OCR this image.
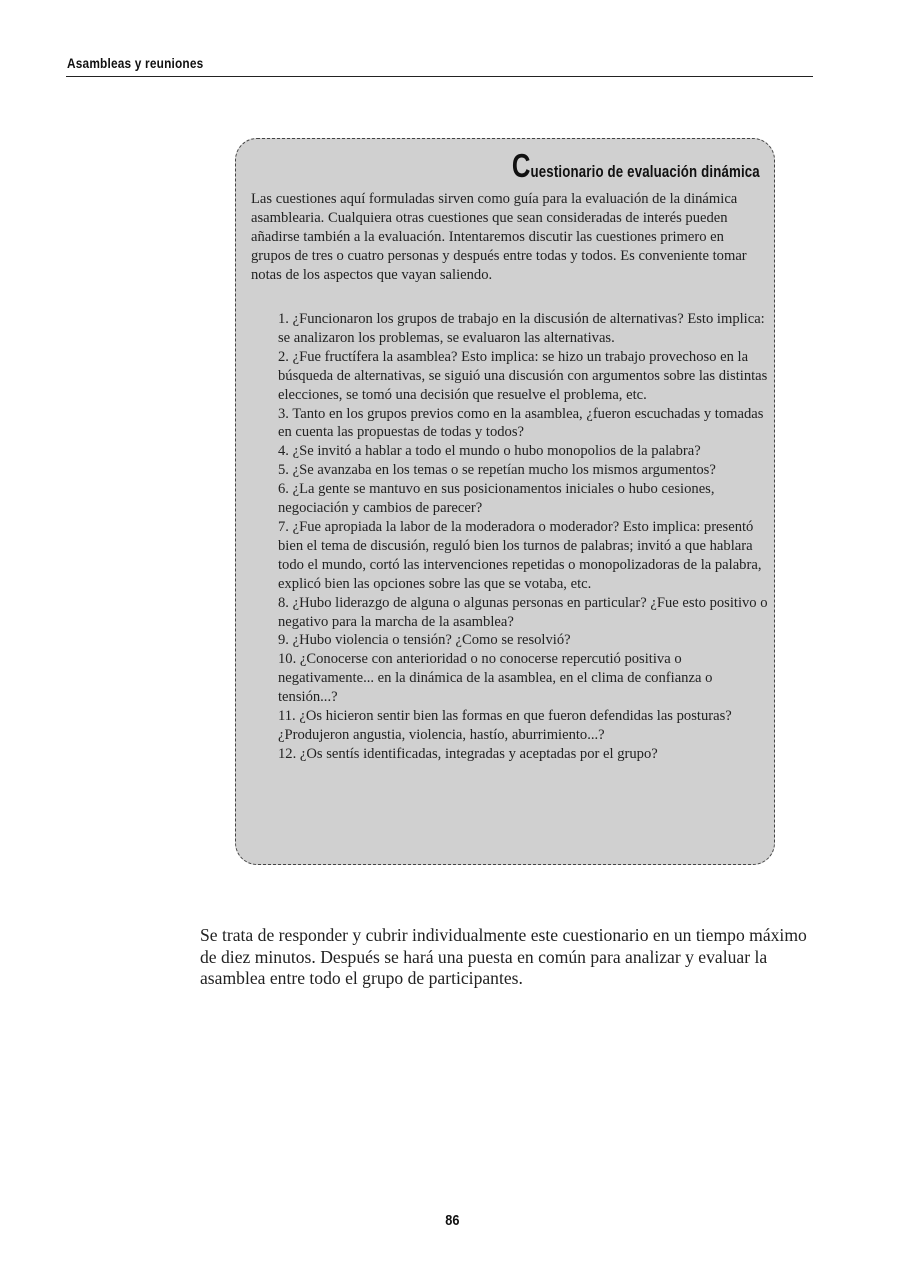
Asambleas y reuniones
Cuestionario de evaluación dinámica

Las cuestiones aquí formuladas sirven como guía para la evaluación de la dinámica asamblearia. Cualquiera otras cuestiones que sean consideradas de interés pueden añadirse también a la evaluación. Intentaremos discutir las cuestiones primero en grupos de tres o cuatro personas y después entre todas y todos. Es conveniente tomar notas de los aspectos que vayan saliendo.

1. ¿Funcionaron los grupos de trabajo en la discusión de alternativas? Esto implica: se analizaron los problemas, se evaluaron las alternativas.
2. ¿Fue fructífera la asamblea? Esto implica: se hizo un trabajo provechoso en la búsqueda de alternativas, se siguió una discusión con argumentos sobre las distintas elecciones, se tomó una decisión que resuelve el problema, etc.
3. Tanto en los grupos previos como en la asamblea, ¿fueron escuchadas y tomadas en cuenta las propuestas de todas y todos?
4. ¿Se invitó a hablar a todo el mundo o hubo monopolios de la palabra?
5. ¿Se avanzaba en los temas o se repetían mucho los mismos argumentos?
6. ¿La gente se mantuvo en sus posicionamentos iniciales o hubo cesiones, negociación y cambios de parecer?
7. ¿Fue apropiada la labor de la moderadora o moderador? Esto implica: presentó bien el tema de discusión, reguló bien los turnos de palabras; invitó a que hablara todo el mundo, cortó las intervenciones repetidas o monopolizadoras de la palabra, explicó bien las opciones sobre las que se votaba, etc.
8. ¿Hubo liderazgo de alguna o algunas personas en particular? ¿Fue esto positivo o negativo para la marcha de la asamblea?
9. ¿Hubo violencia o tensión? ¿Como se resolvió?
10. ¿Conocerse con anterioridad o no conocerse repercutió positiva o negativamente... en la dinámica de la asamblea, en el clima de confianza o tensión...?
11. ¿Os hicieron sentir bien las formas en que fueron defendidas las posturas?¿Produjeron angustia, violencia, hastío, aburrimiento...?
12. ¿Os sentís identificadas, integradas y aceptadas por el grupo?

Se trata de responder y cubrir individualmente este cuestionario en un tiempo máximo de diez minutos. Después se hará una puesta en común para analizar y evaluar la asamblea entre todo el grupo de participantes.

86
